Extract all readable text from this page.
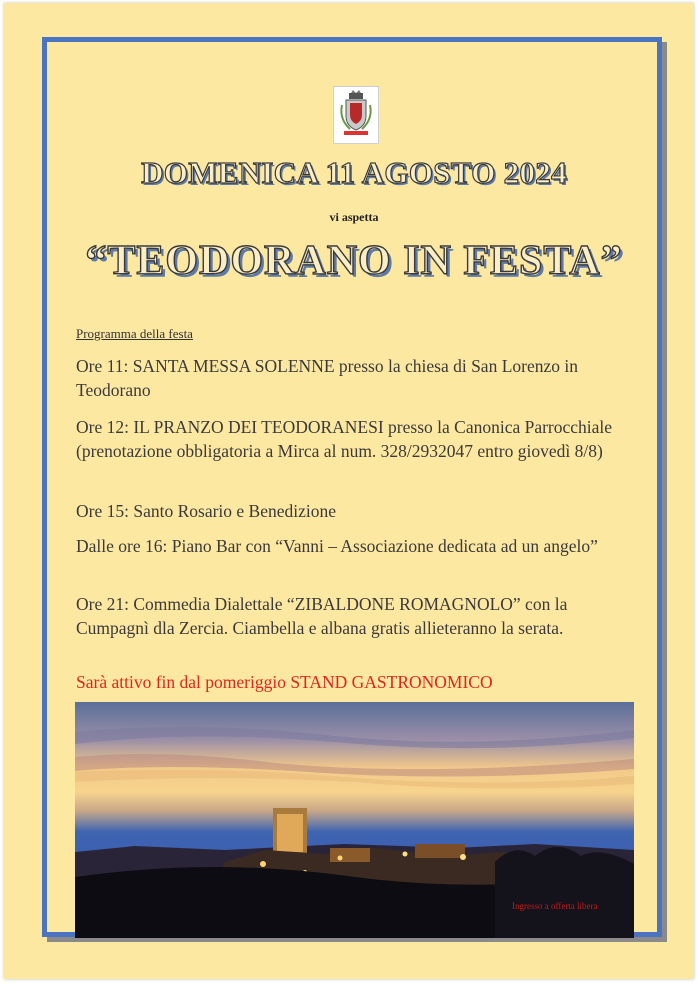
DOMENICA 11 AGOSTO 2024
vi aspetta
“TEODORANO IN FESTA”
Programma della festa
Ore 11: SANTA MESSA SOLENNE presso la chiesa di San Lorenzo in Teodorano
Ore 12: IL PRANZO DEI TEODORANESI presso la Canonica Parrocchiale (prenotazione obbligatoria a Mirca al num. 328/2932047 entro giovedì 8/8)
Ore 15: Santo Rosario e Benedizione
Dalle ore 16: Piano Bar con “Vanni – Associazione dedicata ad un angelo”
Ore 21: Commedia Dialettale “ZIBALDONE ROMAGNOLO” con la Cumpagnì dla Zercia. Ciambella e albana gratis allieteranno la serata.
Sarà attivo fin dal pomeriggio STAND GASTRONOMICO
Ingresso a offerta libera
